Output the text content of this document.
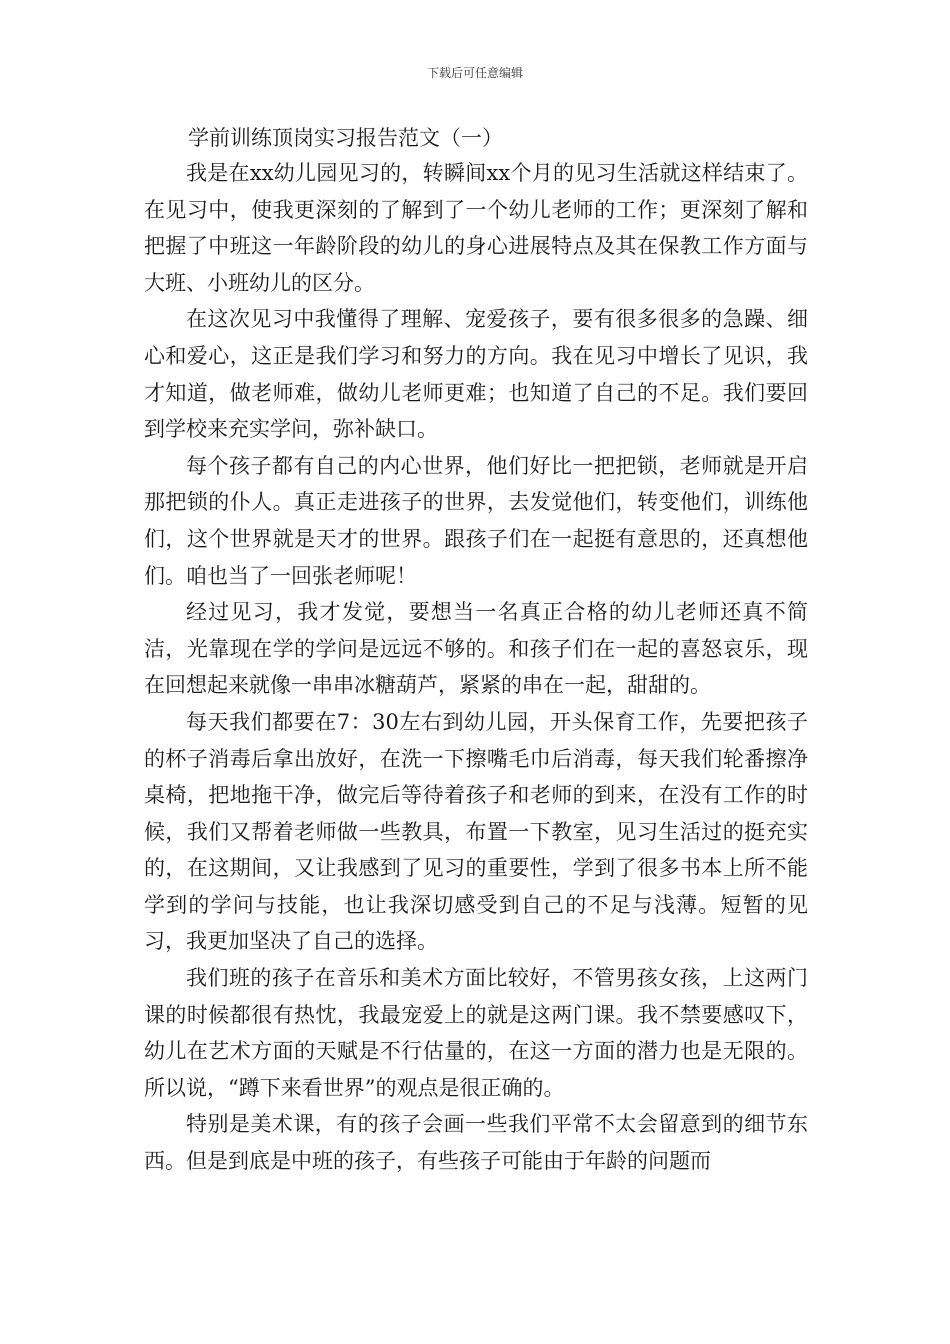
下载后可任意编辑
学前训练顶岗实习报告范文（一）

我是在xx幼儿园见习的，转瞬间xx个月的见习生活就这样结束了。在见习中，使我更深刻的了解到了一个幼儿老师的工作；更深刻了解和把握了中班这一年龄阶段的幼儿的身心进展特点及其在保教工作方面与大班、小班幼儿的区分。

在这次见习中我懂得了理解、宠爱孩子，要有很多很多的急躁、细心和爱心，这正是我们学习和努力的方向。我在见习中增长了见识，我才知道，做老师难，做幼儿老师更难；也知道了自己的不足。我们要回到学校来充实学问，弥补缺口。

每个孩子都有自己的内心世界，他们好比一把把锁，老师就是开启那把锁的仆人。真正走进孩子的世界，去发觉他们，转变他们，训练他们，这个世界就是天才的世界。跟孩子们在一起挺有意思的，还真想他们。咱也当了一回张老师呢！

经过见习，我才发觉，要想当一名真正合格的幼儿老师还真不简洁，光靠现在学的学问是远远不够的。和孩子们在一起的喜怒哀乐，现在回想起来就像一串串冰糖葫芦，紧紧的串在一起，甜甜的。

每天我们都要在7：30左右到幼儿园，开头保育工作，先要把孩子的杯子消毒后拿出放好，在洗一下擦嘴毛巾后消毒，每天我们轮番擦净桌椅，把地拖干净，做完后等待着孩子和老师的到来，在没有工作的时候，我们又帮着老师做一些教具，布置一下教室，见习生活过的挺充实的，在这期间，又让我感到了见习的重要性，学到了很多书本上所不能学到的学问与技能，也让我深切感受到自己的不足与浅薄。短暂的见习，我更加坚决了自己的选择。

我们班的孩子在音乐和美术方面比较好，不管男孩女孩，上这两门课的时候都很有热忱，我最宠爱上的就是这两门课。我不禁要感叹下，幼儿在艺术方面的天赋是不行估量的，在这一方面的潜力也是无限的。所以说，“蹲下来看世界”的观点是很正确的。

特别是美术课，有的孩子会画一些我们平常不太会留意到的细节东西。但是到底是中班的孩子，有些孩子可能由于年龄的问题而
